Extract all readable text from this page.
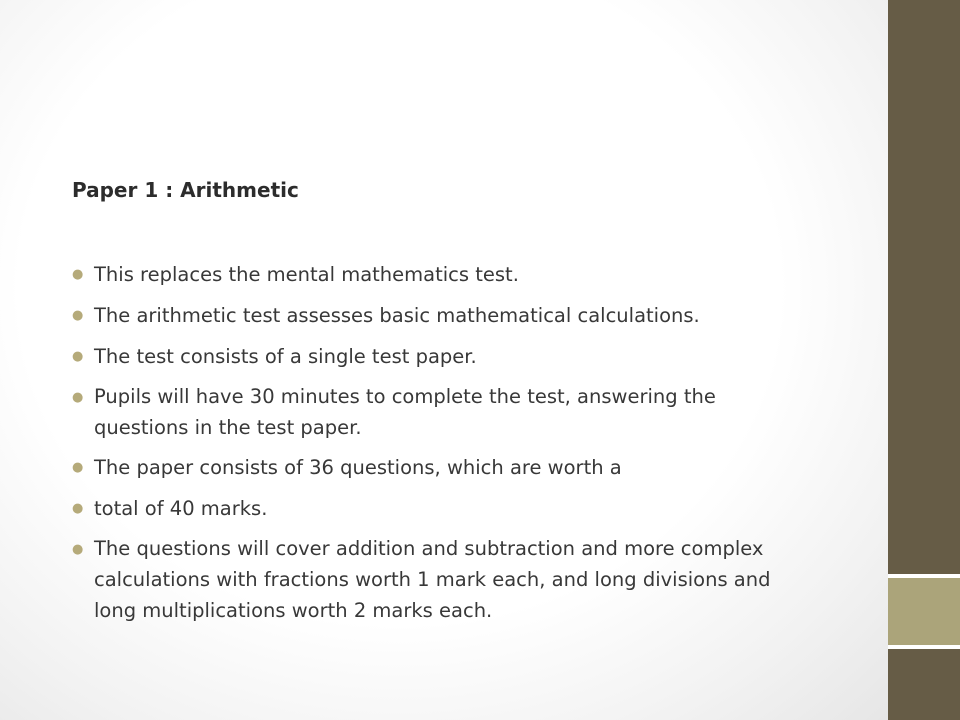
Paper 1 : Arithmetic
● This replaces the mental mathematics test.
● The arithmetic test assesses basic mathematical calculations.
● The test consists of a single test paper.
● Pupils will have 30 minutes to complete the test, answering the questions in the test paper.
● The paper consists of 36 questions, which are worth a
● total of 40 marks.
● The questions will cover addition and subtraction and more complex calculations with fractions worth 1 mark each, and long divisions and long multiplications worth 2 marks each.
